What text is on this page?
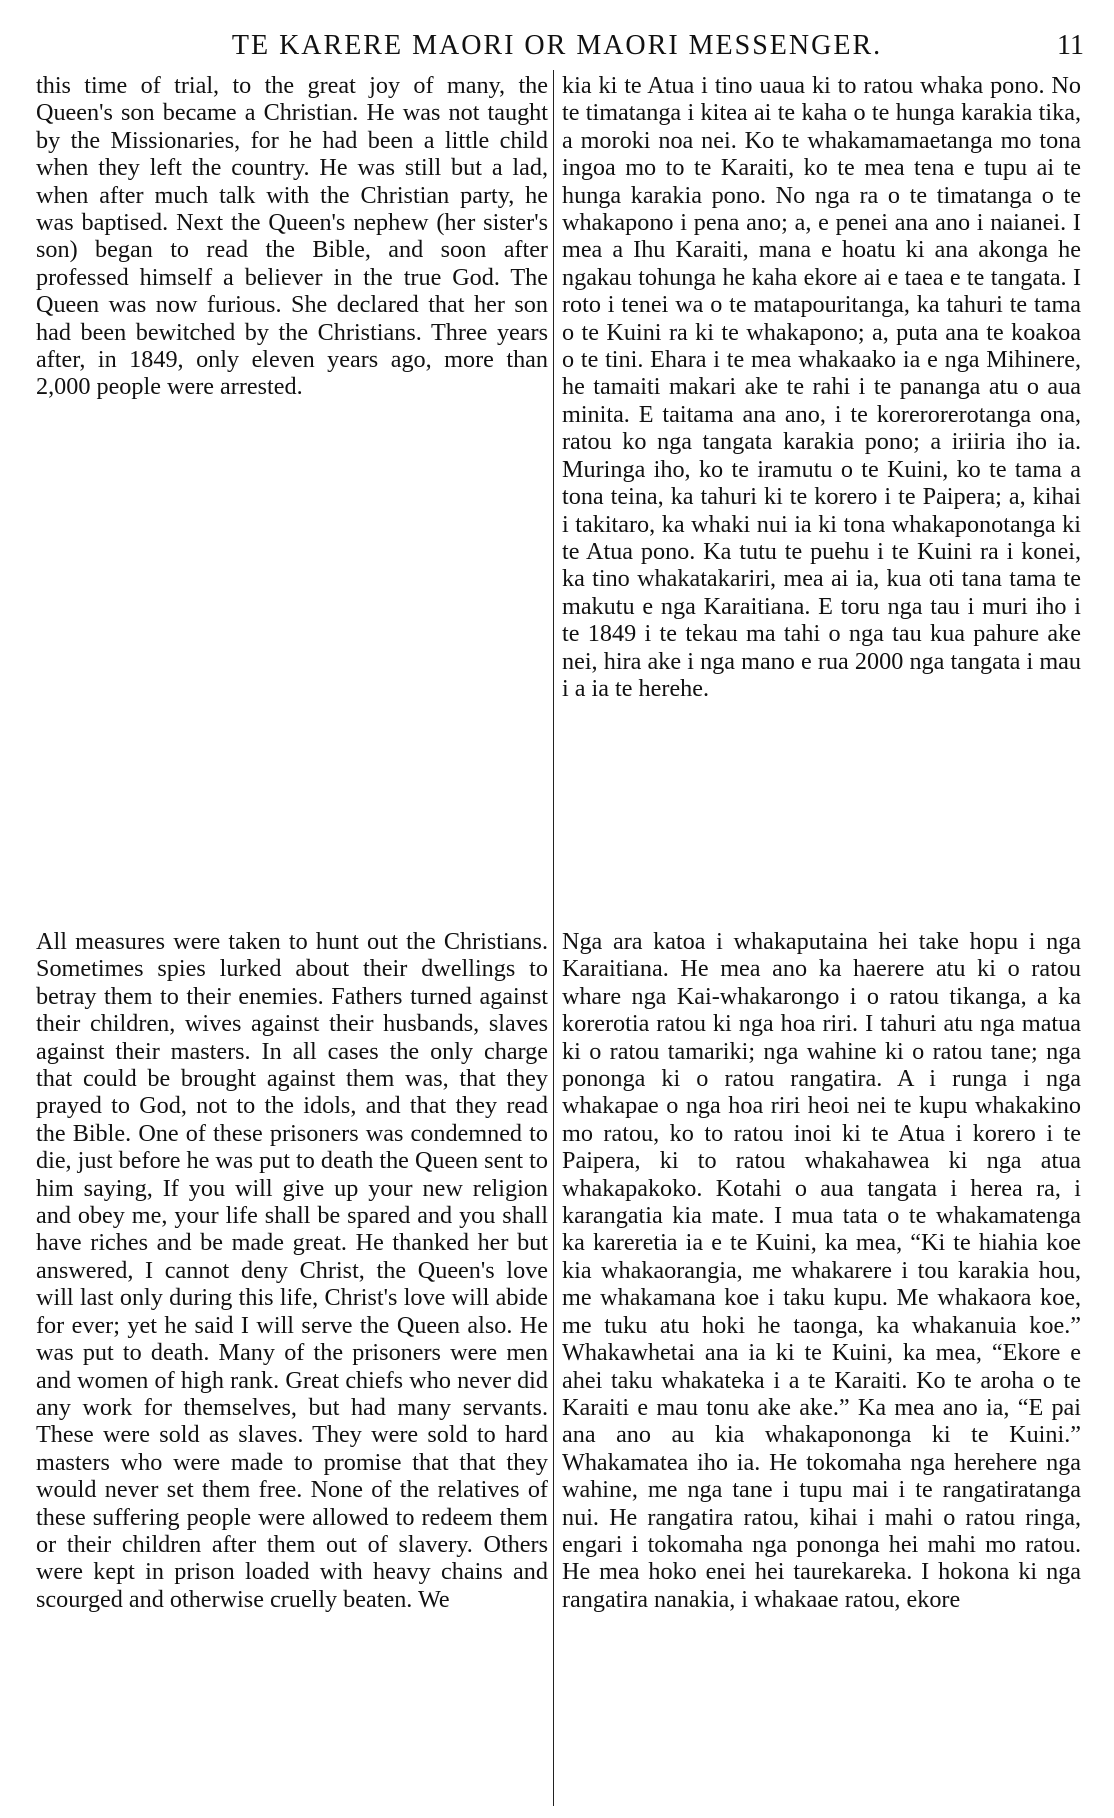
TE KARERE MAORI OR MAORI MESSENGER.	11

this time of trial, to the great joy of many, the Queen's son became a Christian. He was not taught by the Missionaries, for he had been a little child when they left the country. He was still but a lad, when after much talk with the Christian party, he was baptised. Next the Queen's nephew (her sister's son) began to read the Bible, and soon after professed himself a believer in the true God. The Queen was now furious. She declared that her son had been bewitched by the Christians. Three years after, in 1849, only eleven years ago, more than 2,000 people were arrested.

kia ki te Atua i tino uaua ki to ratou whaka pono. No te timatanga i kitea ai te kaha o te hunga karakia tika, a moroki noa nei. Ko te whakamamaetanga mo tona ingoa mo to te Karaiti, ko te mea tena e tupu ai te hunga karakia pono. No nga ra o te timatanga o te whakapono i pena ano; a, e penei ana ano i naianei. I mea a Ihu Karaiti, mana e hoatu ki ana akonga he ngakau tohunga he kaha ekore ai e taea e te tangata. I roto i tenei wa o te matapouritanga, ka tahuri te tama o te Kuini ra ki te whakapono; a, puta ana te koakoa o te tini. Ehara i te mea whakaako ia e nga Mihinere, he tamaiti makari ake te rahi i te pananga atu o aua minita. E taitama ana ano, i te korerorerotanga ona, ratou ko nga tangata karakia pono; a iriiria iho ia. Muringa iho, ko te iramutu o te Kuini, ko te tama a tona teina, ka tahuri ki te korero i te Paipera; a, kihai i takitaro, ka whaki nui ia ki tona whakaponotanga ki te Atua pono. Ka tutu te puehu i te Kuini ra i konei, ka tino whakatakariri, mea ai ia, kua oti tana tama te makutu e nga Karaitiana. E toru nga tau i muri iho i te 1849 i te tekau ma tahi o nga tau kua pahure ake nei, hira ake i nga mano e rua 2000 nga tangata i mau i a ia te herehe.

All measures were taken to hunt out the Christians. Sometimes spies lurked about their dwellings to betray them to their enemies. Fathers turned against their children, wives against their husbands, slaves against their masters. In all cases the only charge that could be brought against them was, that they prayed to God, not to the idols, and that they read the Bible. One of these prisoners was condemned to die, just before he was put to death the Queen sent to him saying, If you will give up your new religion and obey me, your life shall be spared and you shall have riches and be made great. He thanked her but answered, I cannot deny Christ, the Queen's love will last only during this life, Christ's love will abide for ever; yet he said I will serve the Queen also. He was put to death. Many of the prisoners were men and women of high rank. Great chiefs who never did any work for themselves, but had many servants. These were sold as slaves. They were sold to hard masters who were made to promise that that they would never set them free. None of the relatives of these suffering people were allowed to redeem them or their children after them out of slavery. Others were kept in prison loaded with heavy chains and scourged and otherwise cruelly beaten. We

Nga ara katoa i whakaputaina hei take hopu i nga Karaitiana. He mea ano ka haerere atu ki o ratou whare nga Kai-whakarongo i o ratou tikanga, a ka korerotia ratou ki nga hoa riri. I tahuri atu nga matua ki o ratou tamariki; nga wahine ki o ratou tane; nga pononga ki o ratou rangatira. A i runga i nga whakapae o nga hoa riri heoi nei te kupu whakakino mo ratou, ko to ratou inoi ki te Atua i korero i te Paipera, ki to ratou whakahawea ki nga atua whakapakoko. Kotahi o aua tangata i herea ra, i karangatia kia mate. I mua tata o te whakamatenga ka kareretia ia e te Kuini, ka mea, “Ki te hiahia koe kia whakaorangia, me whakarere i tou karakia hou, me whakamana koe i taku kupu. Me whakaora koe, me tuku atu hoki he taonga, ka whakanuia koe.” Whakawhetai ana ia ki te Kuini, ka mea, “Ekore e ahei taku whakateka i a te Karaiti. Ko te aroha o te Karaiti e mau tonu ake ake.” Ka mea ano ia, “E pai ana ano au kia whakapononga ki te Kuini.” Whakamatea iho ia. He tokomaha nga herehere nga wahine, me nga tane i tupu mai i te rangatiratanga nui. He rangatira ratou, kihai i mahi o ratou ringa, engari i tokomaha nga pononga hei mahi mo ratou. He mea hoko enei hei taurekareka. I hokona ki nga rangatira nanakia, i whakaae ratou, ekore
